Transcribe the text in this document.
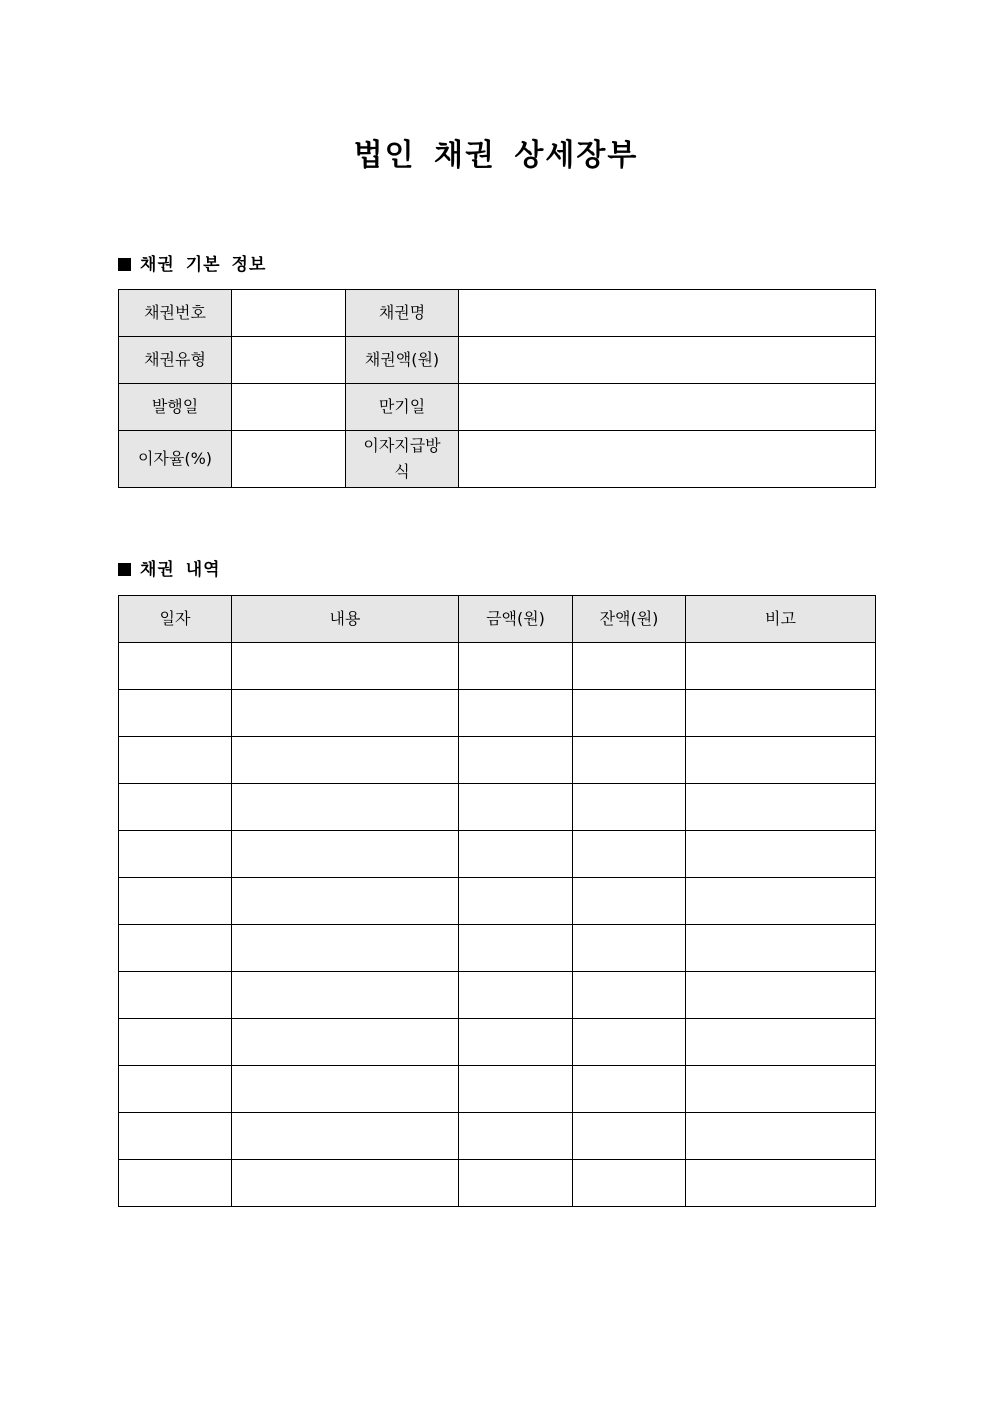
법인 채권 상세장부
채권 기본 정보
채권번호		채권명	
채권유형		채권액(원)	
발행일		만기일	
이자율(%)		이자지급방식	
채권 내역
일자	내용	금액(원)	잔액(원)	비고
